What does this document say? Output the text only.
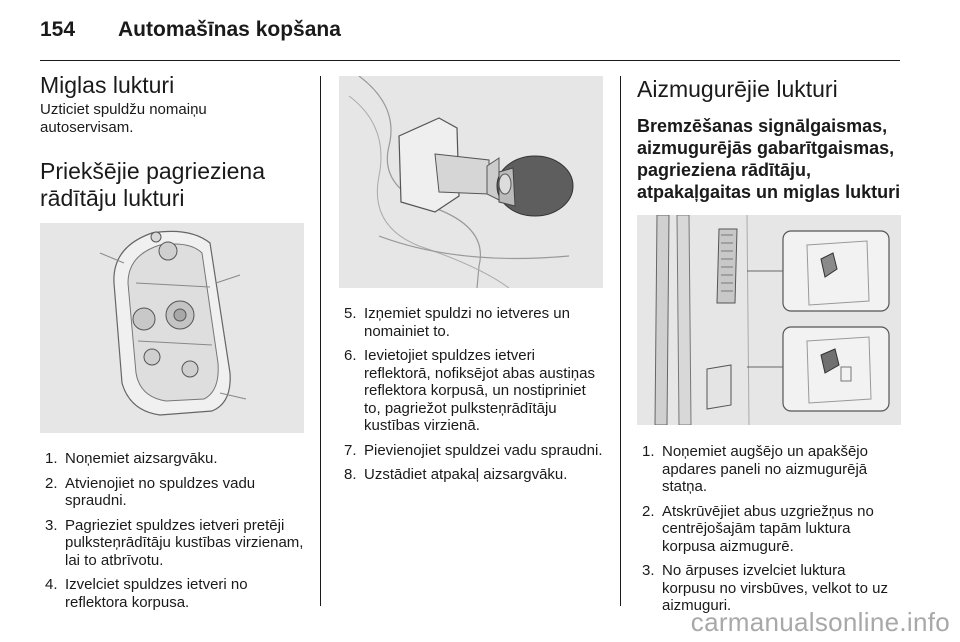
154 Automašīnas kopšana
Miglas lukturi

Uzticiet spuldžu nomaiņu autoservisam.

Priekšējie pagrieziena rādītāju lukturi
1. Noņemiet aizsargvāku.
2. Atvienojiet no spuldzes vadu spraudni.
3. Pagrieziet spuldzes ietveri pretēji pulksteņrādītāju kustības virzienam, lai to atbrīvotu.
4. Izvelciet spuldzes ietveri no reflektora korpusa.
5. Izņemiet spuldzi no ietveres un nomainiet to.
6. Ievietojiet spuldzes ietveri reflektorā, nofiksējot abas austiņas reflektora korpusā, un nostipriniet to, pagriežot pulksteņrādītāju kustības virzienā.
7. Pievienojiet spuldzei vadu spraudni.
8. Uzstādiet atpakaļ aizsargvāku.
Aizmugurējie lukturi
Bremzēšanas signālgaismas, aizmugurējās gabarītgaismas, pagrieziena rādītāju, atpakaļgaitas un miglas lukturi
1. Noņemiet augšējo un apakšējo apdares paneli no aizmugurējā statņa.
2. Atskrūvējiet abus uzgriežņus no centrējošajām tapām luktura korpusa aizmugurē.
3. No ārpuses izvelciet luktura korpusu no virsbūves, velkot to uz aizmuguri.
carmanualsonline.info
